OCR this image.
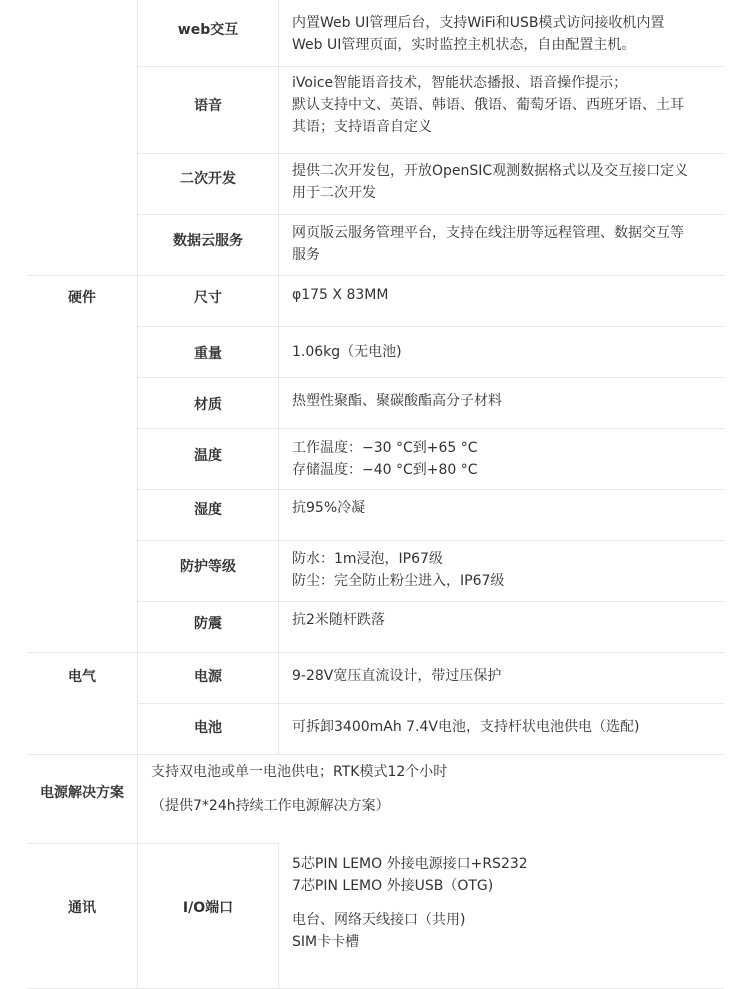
	web交互	内置Web UI管理后台，支持WiFi和USB模式访问接收机内置
Web UI管理页面，实时监控主机状态，自由配置主机。

	语音	iVoice智能语音技术，智能状态播报、语音操作提示；
默认支持中文、英语、韩语、俄语、葡萄牙语、西班牙语、土耳
其语；支持语音自定义

	二次开发	提供二次开发包，开放OpenSIC观测数据格式以及交互接口定义
用于二次开发

	数据云服务	网页版云服务管理平台，支持在线注册等远程管理、数据交互等
服务

硬件	尺寸	φ175 X 83MM

	重量	1.06kg（无电池)

	材质	热塑性聚酯、聚碳酸酯高分子材料

	温度	工作温度：−30 °C到+65 °C
存储温度：−40 °C到+80 °C

	湿度	抗95%冷凝

	防护等级	防水：1m浸泡，IP67级
防尘：完全防止粉尘进入，IP67级

	防震	抗2米随杆跌落

电气	电源	9-28V宽压直流设计，带过压保护

	电池	可拆卸3400mAh 7.4V电池，支持杆状电池供电（选配)

电源解决方案	支持双电池或单一电池供电；RTK模式12个小时
（提供7*24h持续工作电源解决方案）	

通讯	I/O端口	5芯PIN LEMO 外接电源接口+RS232
7芯PIN LEMO 外接USB（OTG)
电台、网络天线接口（共用)
SIM卡卡槽
